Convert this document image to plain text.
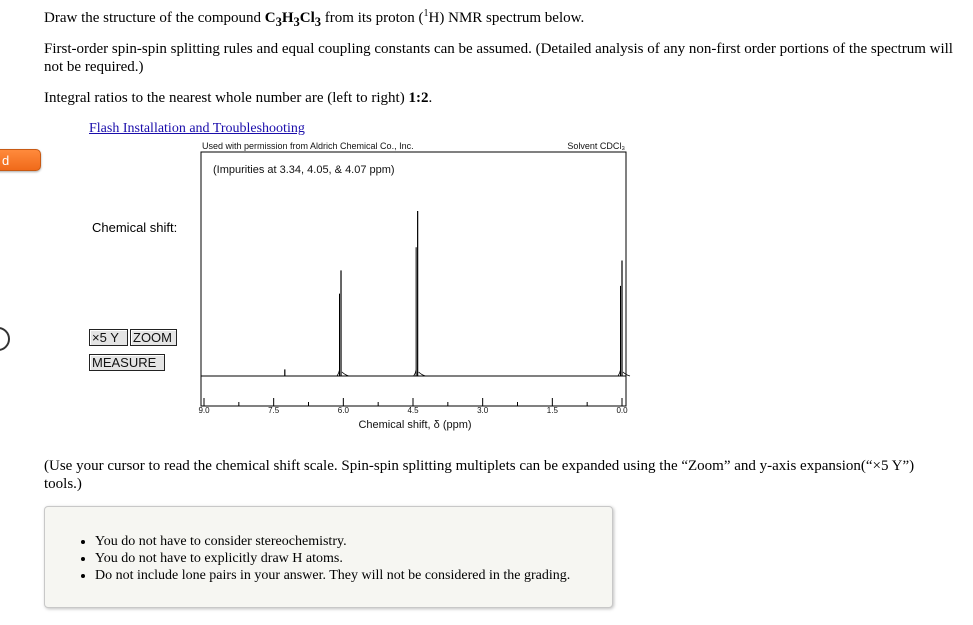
Draw the structure of the compound $C_3H_3Cl_3$ from its proton ($^1$H) NMR spectrum below.
First-order spin-spin splitting rules and equal coupling constants can be assumed. (Detailed analysis of any non-first order portions of the spectrum will not be required.)
Integral ratios to the nearest whole number are (left to right) 1:2.
d
Flash Installation and Troubleshooting
Chemical shift:
×5 Y	ZOOM
MEASURE
Used with permission from Aldrich Chemical Co., Inc.	Solvent CDCl₃
(Impurities at 3.34, 4.05, & 4.07 ppm)
9.0	7.5	6.0	4.5	3.0	1.5	0.0
Chemical shift, δ (ppm)
(Use your cursor to read the chemical shift scale. Spin-spin splitting multiplets can be expanded using the “Zoom” and y-axis expansion(“×5 Y”) tools.)
• You do not have to consider stereochemistry.
• You do not have to explicitly draw H atoms.
• Do not include lone pairs in your answer. They will not be considered in the grading.
